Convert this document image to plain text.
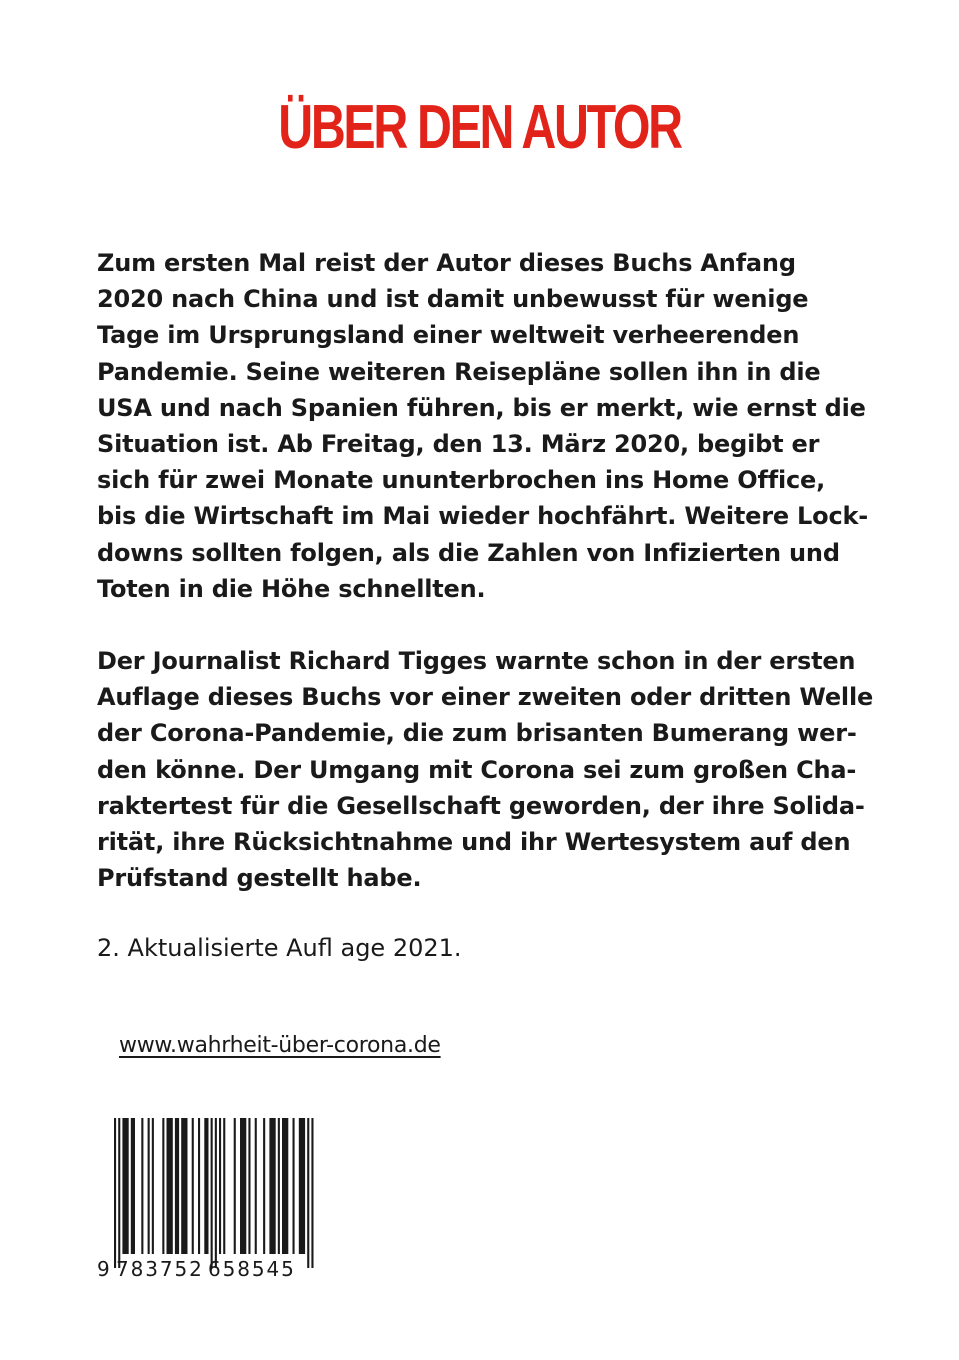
ÜBER DEN AUTOR
Zum ersten Mal reist der Autor dieses Buchs Anfang
2020 nach China und ist damit unbewusst für wenige
Tage im Ursprungsland einer weltweit verheerenden
Pandemie. Seine weiteren Reisepläne sollen ihn in die
USA und nach Spanien führen, bis er merkt, wie ernst die
Situation ist. Ab Freitag, den 13. März 2020, begibt er
sich für zwei Monate ununterbrochen ins Home Office,
bis die Wirtschaft im Mai wieder hochfährt. Weitere Lock-
downs sollten folgen, als die Zahlen von Infizierten und
Toten in die Höhe schnellten.
Der Journalist Richard Tigges warnte schon in der ersten
Auflage dieses Buchs vor einer zweiten oder dritten Welle
der Corona-Pandemie, die zum brisanten Bumerang wer-
den könne. Der Umgang mit Corona sei zum großen Cha-
raktertest für die Gesellschaft geworden, der ihre Solida-
rität, ihre Rücksichtnahme und ihr Wertesystem auf den
Prüfstand gestellt habe.
2. Aktualisierte Aufl age 2021.
www.wahrheit-über-corona.de
9 783752 658545
